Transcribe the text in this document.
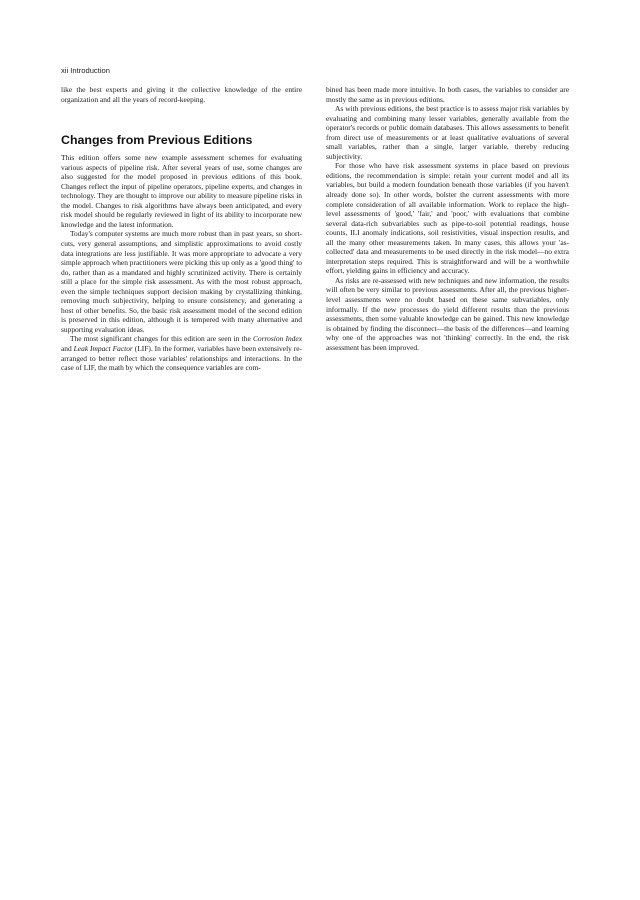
xii Introduction

like the best experts and giving it the collective knowledge of the entire organization and all the years of record-keeping.

Changes from Previous Editions

This edition offers some new example assessment schemes for evaluating various aspects of pipeline risk. After several years of use, some changes are also suggested for the model proposed in previous editions of this book. Changes reflect the input of pipeline operators, pipeline experts, and changes in technology. They are thought to improve our ability to measure pipeline risks in the model. Changes to risk algorithms have always been anticipated, and every risk model should be regularly reviewed in light of its ability to incorporate new knowledge and the latest information.

Today's computer systems are much more robust than in past years, so short-cuts, very general assumptions, and simplistic approximations to avoid costly data integrations are less justifiable. It was more appropriate to advocate a very simple approach when practitioners were picking this up only as a 'good thing' to do, rather than as a mandated and highly scrutinized activity. There is certainly still a place for the simple risk assessment. As with the most robust approach, even the simple techniques support decision making by crystallizing thinking, removing much subjectivity, helping to ensure consistency, and generating a host of other benefits. So, the basic risk assessment model of the second edition is preserved in this edition, although it is tempered with many alternative and supporting evaluation ideas.

The most significant changes for this edition are seen in the Corrosion Index and Leak Impact Factor (LIF). In the former, variables have been extensively re-arranged to better reflect those variables' relationships and interactions. In the case of LIF, the math by which the consequence variables are com-

bined has been made more intuitive. In both cases, the variables to consider are mostly the same as in previous editions.

As with previous editions, the best practice is to assess major risk variables by evaluating and combining many lesser variables, generally available from the operator's records or public domain databases. This allows assessments to benefit from direct use of measurements or at least qualitative evaluations of several small variables, rather than a single, larger variable, thereby reducing subjectivity.

For those who have risk assessment systems in place based on previous editions, the recommendation is simple: retain your current model and all its variables, but build a modern foundation beneath those variables (if you haven't already done so). In other words, bolster the current assessments with more complete consideration of all available information. Work to replace the high-level assessments of 'good,' 'fair,' and 'poor,' with evaluations that combine several data-rich subvariables such as pipe-to-soil potential readings, house counts, ILI anomaly indications, soil resistivities, visual inspection results, and all the many other measurements taken. In many cases, this allows your 'as-collected' data and measurements to be used directly in the risk model—no extra interpretation steps required. This is straightforward and will be a worthwhile effort, yielding gains in efficiency and accuracy.

As risks are re-assessed with new techniques and new information, the results will often be very similar to previous assessments. After all, the previous higher-level assessments were no doubt based on these same subvariables, only informally. If the new processes do yield different results than the previous assessments, then some valuable knowledge can be gained. This new knowledge is obtained by finding the disconnect—the basis of the differences—and learning why one of the approaches was not 'thinking' correctly. In the end, the risk assessment has been improved.
